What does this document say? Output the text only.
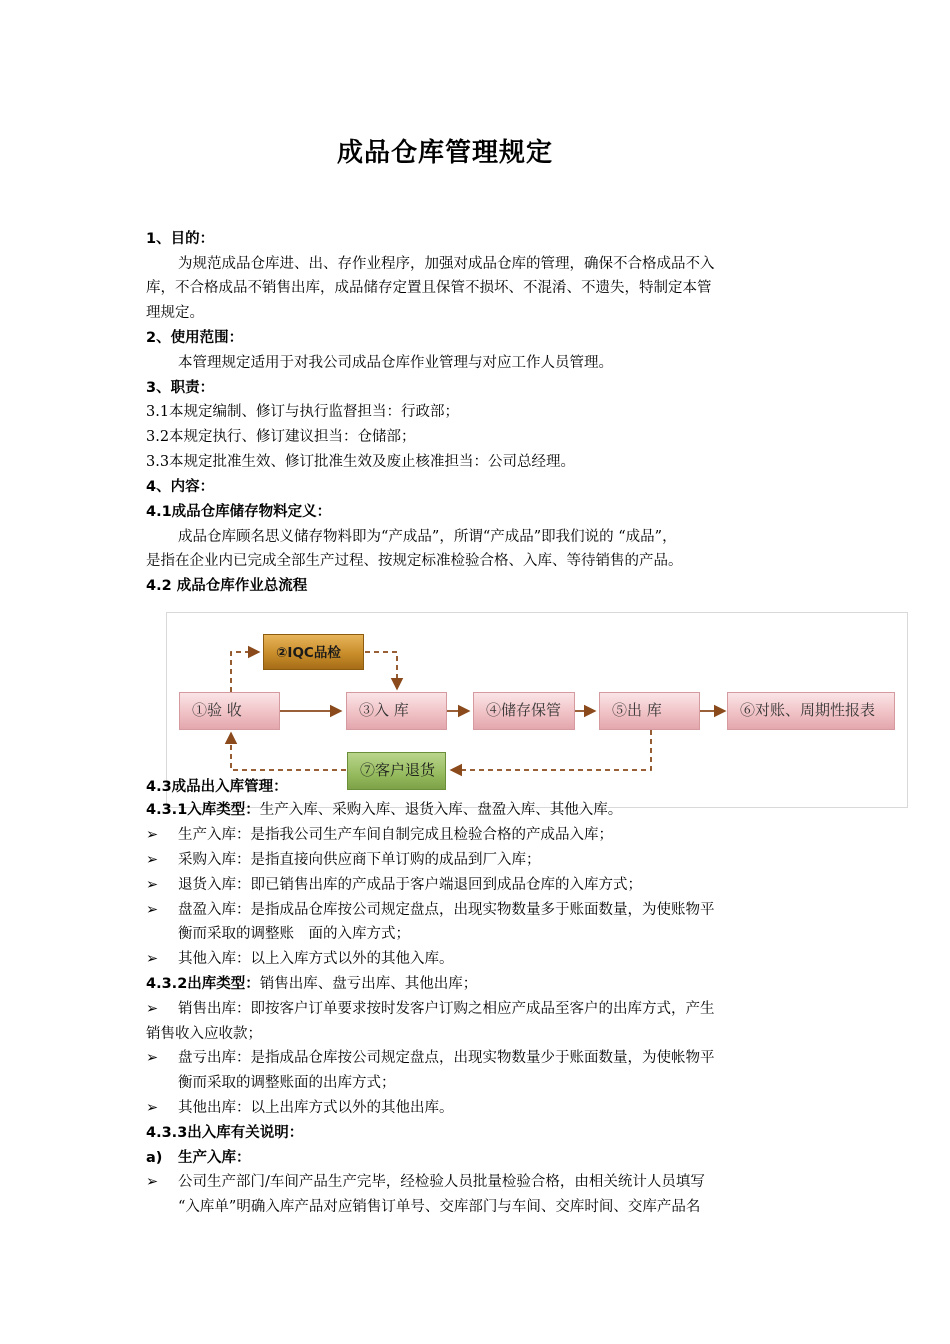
成品仓库管理规定
1、目的：
为规范成品仓库进、出、存作业程序，加强对成品仓库的管理，确保不合格成品不入
库，不合格成品不销售出库，成品储存定置且保管不损坏、不混淆、不遗失，特制定本管
理规定。
2、使用范围：
本管理规定适用于对我公司成品仓库作业管理与对应工作人员管理。
3、职责：
3.1本规定编制、修订与执行监督担当：行政部；
3.2本规定执行、修订建议担当：仓储部；
3.3本规定批准生效、修订批准生效及废止核准担当：公司总经理。
4、内容：
4.1成品仓库储存物料定义：
成品仓库顾名思义储存物料即为“产成品”，所谓“产成品”即我们说的 “成品”，
是指在企业内已完成全部生产过程、按规定标准检验合格、入库、等待销售的产品。
4.2 成品仓库作业总流程
①验 收
②IQC品检
③入 库	④储存保管	⑤出 库	⑥对账、周期性报表
⑦客户退货
4.3成品出入库管理：
4.3.1入库类型：生产入库、采购入库、退货入库、盘盈入库、其他入库。
➢ 生产入库：是指我公司生产车间自制完成且检验合格的产成品入库；
➢ 采购入库：是指直接向供应商下单订购的成品到厂入库；
➢ 退货入库：即已销售出库的产成品于客户端退回到成品仓库的入库方式；
➢ 盘盈入库：是指成品仓库按公司规定盘点，出现实物数量多于账面数量，为使账物平
衡而采取的调整账　面的入库方式；
➢ 其他入库：以上入库方式以外的其他入库。
4.3.2出库类型：销售出库、盘亏出库、其他出库；
➢ 销售出库：即按客户订单要求按时发客户订购之相应产成品至客户的出库方式，产生
销售收入应收款；
➢ 盘亏出库：是指成品仓库按公司规定盘点，出现实物数量少于账面数量，为使帐物平
衡而采取的调整账面的出库方式；
➢ 其他出库：以上出库方式以外的其他出库。
4.3.3出入库有关说明：
a) 生产入库：
➢ 公司生产部门/车间产品生产完毕，经检验人员批量检验合格，由相关统计人员填写
“入库单”明确入库产品对应销售订单号、交库部门与车间、交库时间、交库产品名
